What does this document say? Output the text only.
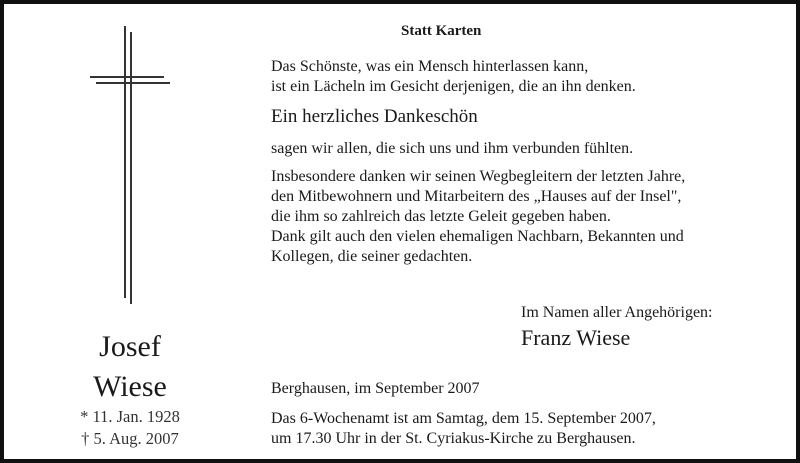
Josef
Wiese
* 11. Jan. 1928
† 5. Aug. 2007
Statt Karten
Das Schönste, was ein Mensch hinterlassen kann,
ist ein Lächeln im Gesicht derjenigen, die an ihn denken.
Ein herzliches Dankeschön
sagen wir allen, die sich uns und ihm verbunden fühlten.
Insbesondere danken wir seinen Wegbegleitern der letzten Jahre,
den Mitbewohnern und Mitarbeitern des „Hauses auf der Insel",
die ihm so zahlreich das letzte Geleit gegeben haben.
Dank gilt auch den vielen ehemaligen Nachbarn, Bekannten und
Kollegen, die seiner gedachten.
Im Namen aller Angehörigen:
Franz Wiese
Berghausen, im September 2007
Das 6-Wochenamt ist am Samtag, dem 15. September 2007,
um 17.30 Uhr in der St. Cyriakus-Kirche zu Berghausen.
